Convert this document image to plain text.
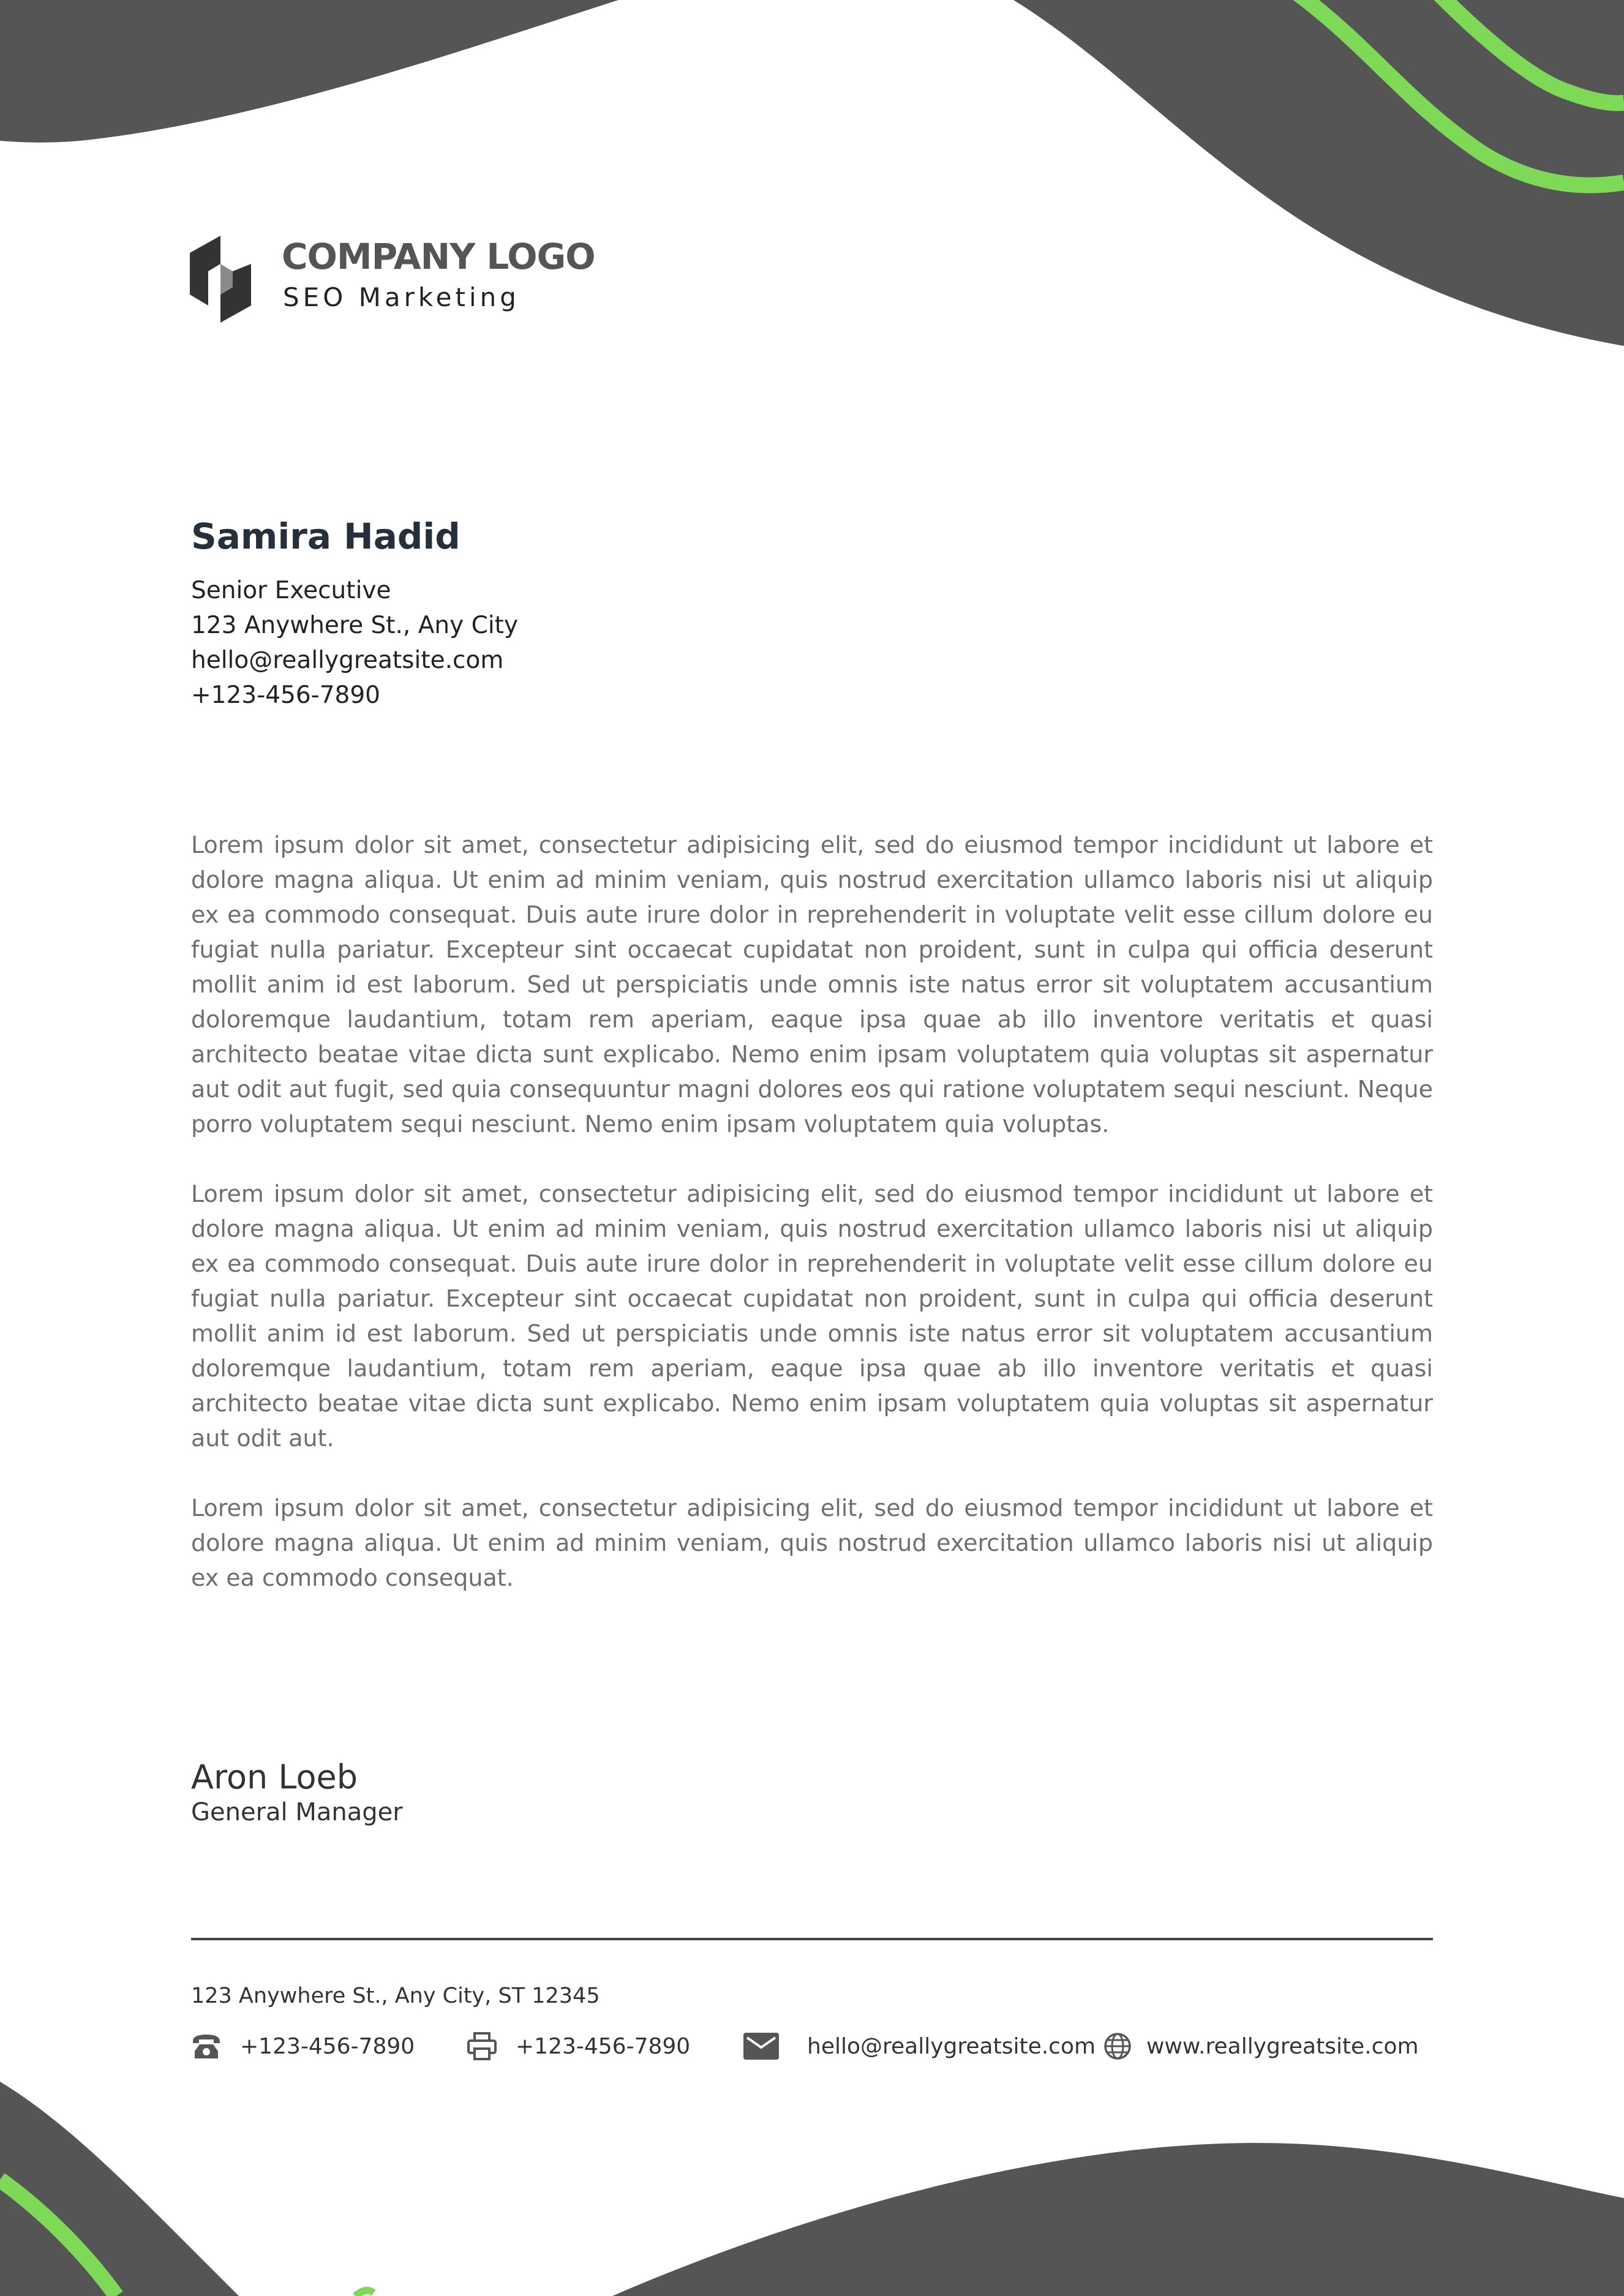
COMPANY LOGO
SEO Marketing
Samira Hadid
Senior Executive
123 Anywhere St., Any City
hello@reallygreatsite.com
+123-456-7890

Lorem ipsum dolor sit amet, consectetur adipisicing elit, sed do eiusmod tempor incididunt ut labore et dolore magna aliqua. Ut enim ad minim veniam, quis nostrud exercitation ullamco laboris nisi ut aliquip ex ea commodo consequat. Duis aute irure dolor in reprehenderit in voluptate velit esse cillum dolore eu fugiat nulla pariatur. Excepteur sint occaecat cupidatat non proident, sunt in culpa qui officia deserunt mollit anim id est laborum. Sed ut perspiciatis unde omnis iste natus error sit voluptatem accusantium doloremque laudantium, totam rem aperiam, eaque ipsa quae ab illo inventore veritatis et quasi architecto beatae vitae dicta sunt explicabo. Nemo enim ipsam voluptatem quia voluptas sit aspernatur aut odit aut fugit, sed quia consequuntur magni dolores eos qui ratione voluptatem sequi nesciunt. Neque porro voluptatem sequi nesciunt. Nemo enim ipsam voluptatem quia voluptas.

Lorem ipsum dolor sit amet, consectetur adipisicing elit, sed do eiusmod tempor incididunt ut labore et dolore magna aliqua. Ut enim ad minim veniam, quis nostrud exercitation ullamco laboris nisi ut aliquip ex ea commodo consequat. Duis aute irure dolor in reprehenderit in voluptate velit esse cillum dolore eu fugiat nulla pariatur. Excepteur sint occaecat cupidatat non proident, sunt in culpa qui officia deserunt mollit anim id est laborum. Sed ut perspiciatis unde omnis iste natus error sit voluptatem accusantium doloremque laudantium, totam rem aperiam, eaque ipsa quae ab illo inventore veritatis et quasi architecto beatae vitae dicta sunt explicabo. Nemo enim ipsam voluptatem quia voluptas sit aspernatur aut odit aut.

Lorem ipsum dolor sit amet, consectetur adipisicing elit, sed do eiusmod tempor incididunt ut labore et dolore magna aliqua. Ut enim ad minim veniam, quis nostrud exercitation ullamco laboris nisi ut aliquip ex ea commodo consequat.

Aron Loeb
General Manager
123 Anywhere St., Any City, ST 12345
+123-456-7890	+123-456-7890	hello@reallygreatsite.com www.reallygreatsite.com
